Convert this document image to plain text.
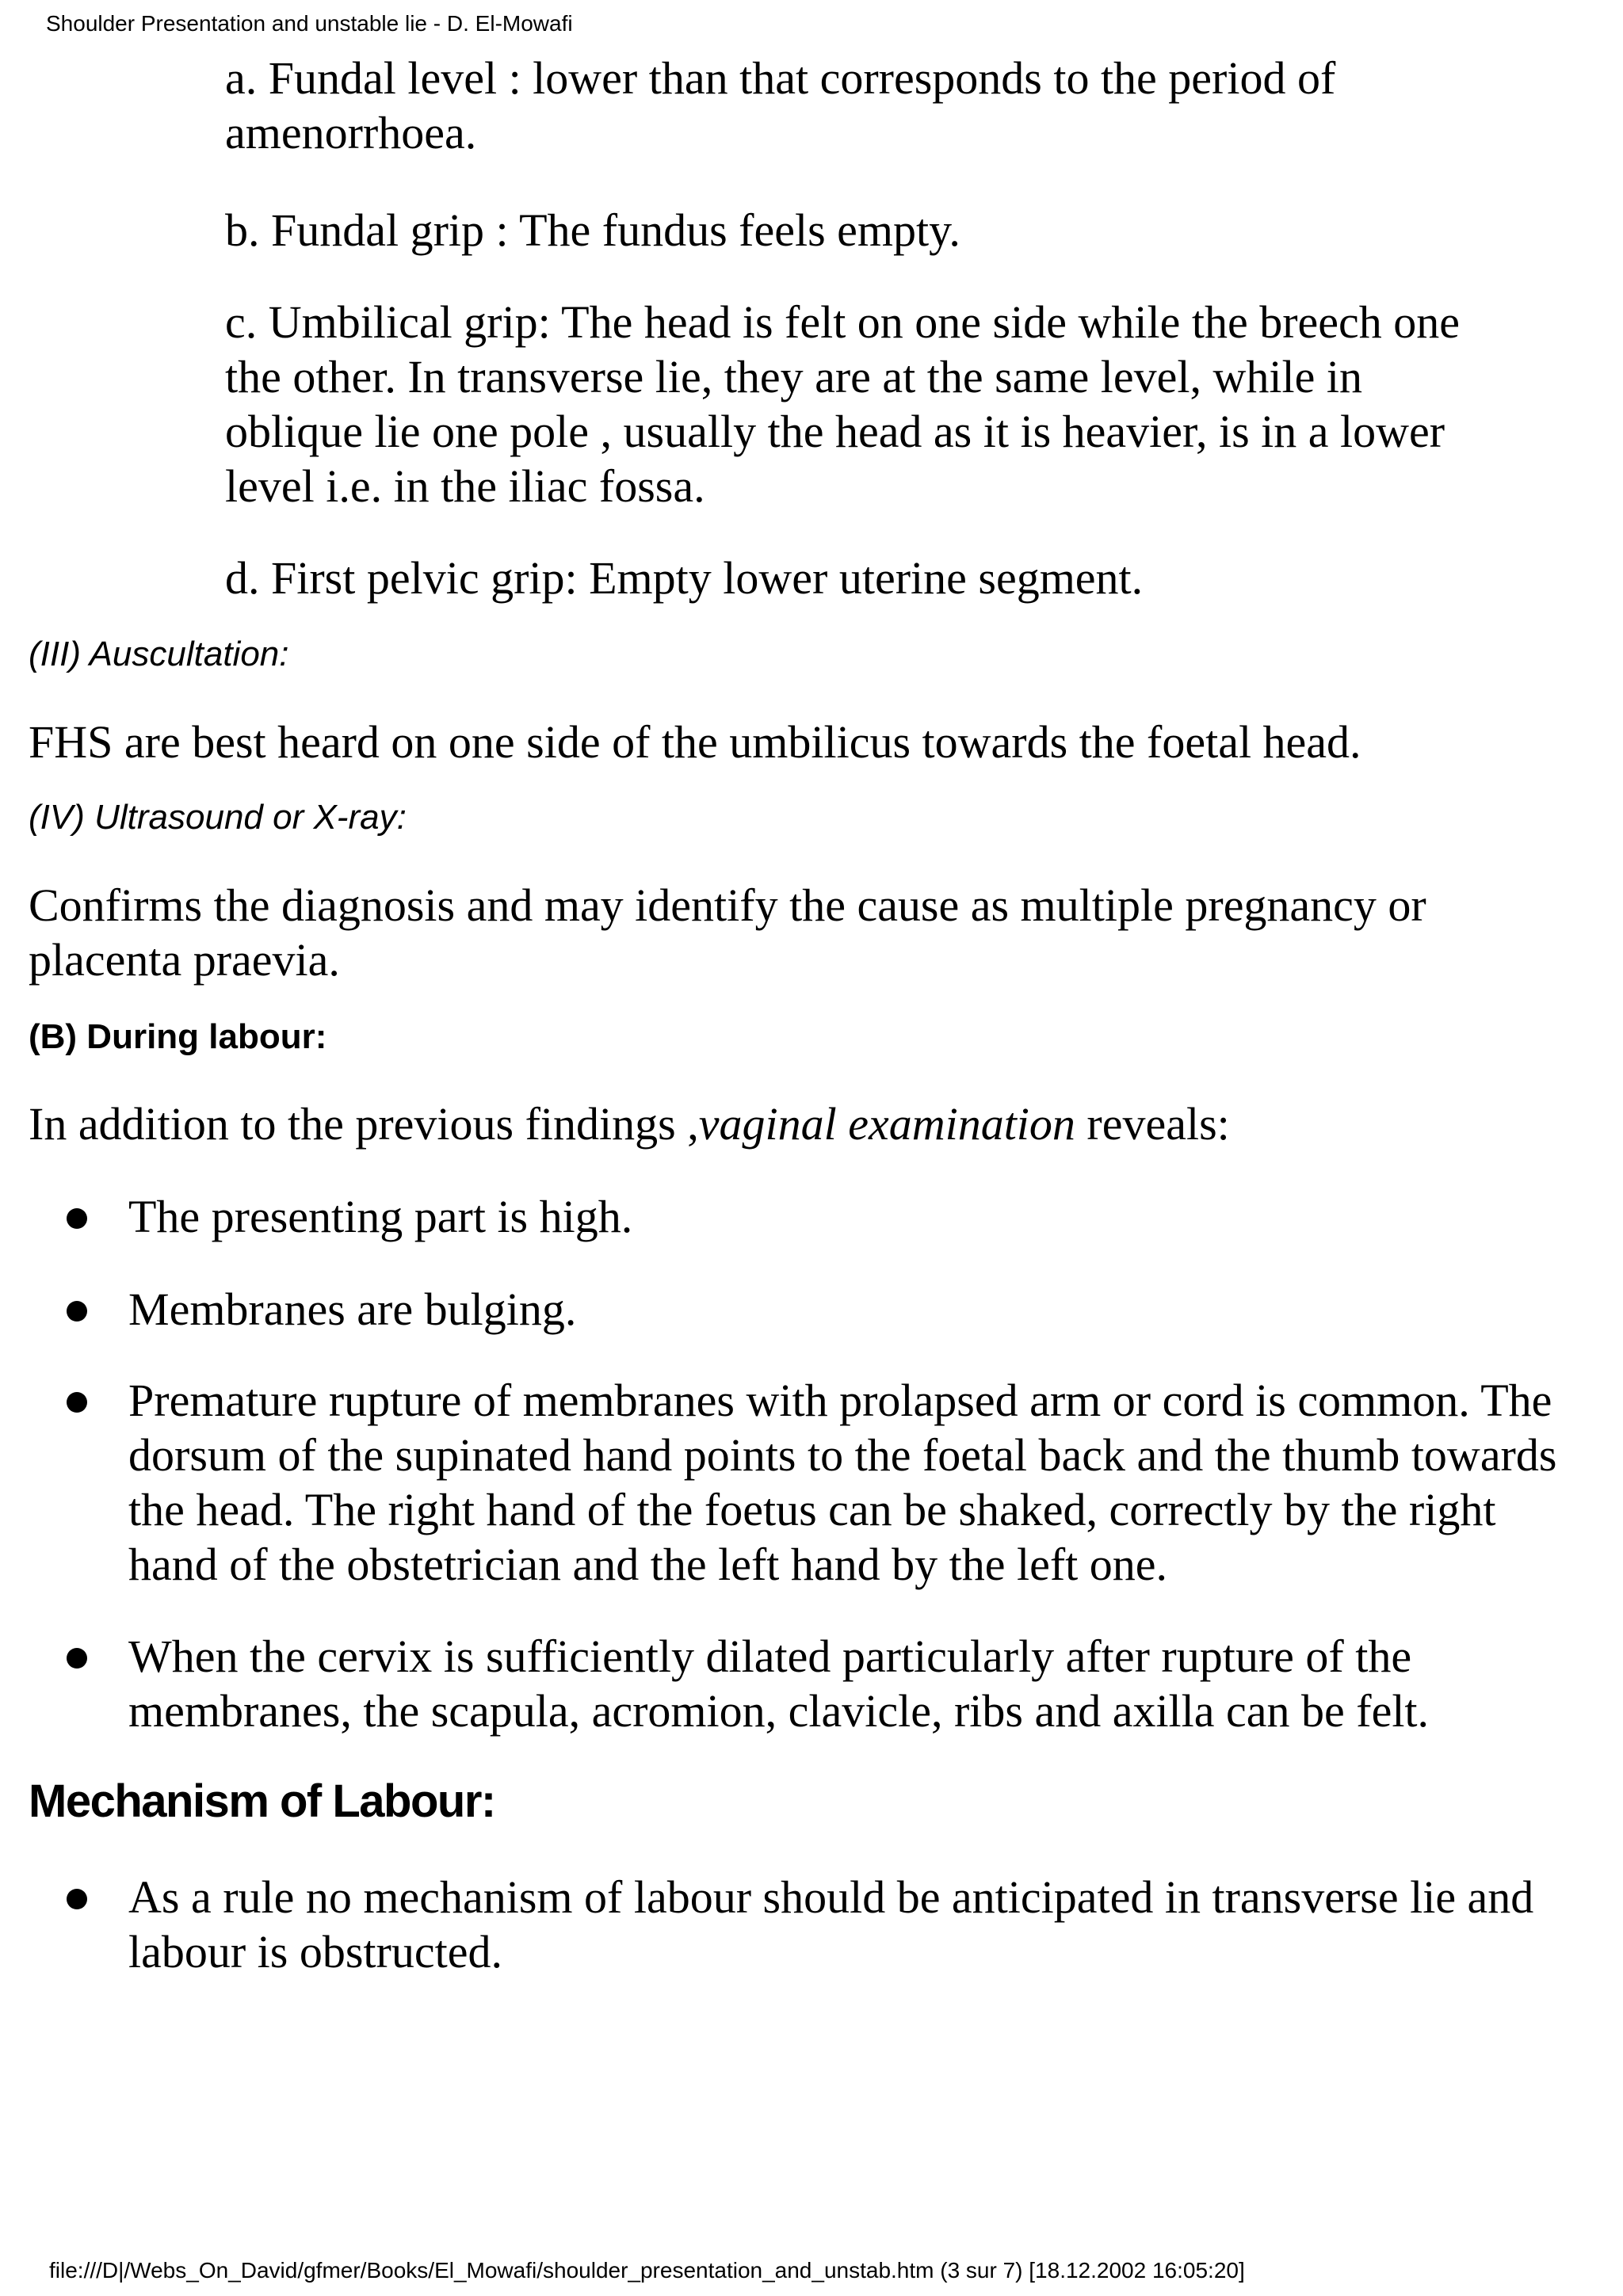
Shoulder Presentation and unstable lie - D. El-Mowafi

a. Fundal level : lower than that corresponds to the period of amenorrhoea.

b. Fundal grip : The fundus feels empty.

c. Umbilical grip: The head is felt on one side while the breech one the other. In transverse lie, they are at the same level, while in oblique lie one pole , usually the head as it is heavier, is in a lower level i.e. in the iliac fossa.

d. First pelvic grip: Empty lower uterine segment.

(III) Auscultation:

FHS are best heard on one side of the umbilicus towards the foetal head.

(IV) Ultrasound or X-ray:

Confirms the diagnosis and may identify the cause as multiple pregnancy or placenta praevia.

(B) During labour:

In addition to the previous findings ,vaginal examination reveals:

The presenting part is high.
Membranes are bulging.
Premature rupture of membranes with prolapsed arm or cord is common. The dorsum of the supinated hand points to the foetal back and the thumb towards the head. The right hand of the foetus can be shaked, correctly by the right hand of the obstetrician and the left hand by the left one.
When the cervix is sufficiently dilated particularly after rupture of the membranes, the scapula, acromion, clavicle, ribs and axilla can be felt.
Mechanism of Labour:
As a rule no mechanism of labour should be anticipated in transverse lie and labour is obstructed.
file:///D|/Webs_On_David/gfmer/Books/El_Mowafi/shoulder_presentation_and_unstab.htm (3 sur 7) [18.12.2002 16:05:20]
